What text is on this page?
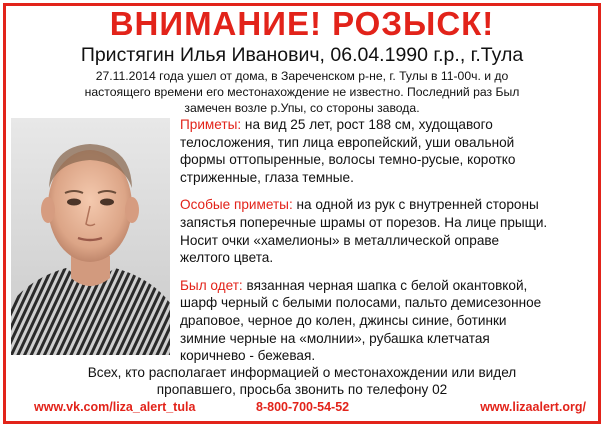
ВНИМАНИЕ! РОЗЫСК!
Пристягин Илья Иванович, 06.04.1990 г.р., г.Тула
27.11.2014 года ушел от дома, в Зареченском р-не, г. Тулы в 11-00ч. и до
настоящего времени его местонахождение не известно. Последний раз Был
замечен возле р.Упы, со стороны завода.
Приметы: на вид 25 лет, рост 188 см, худощавого
телосложения, тип лица европейский, уши овальной
формы оттопыренные, волосы темно-русые, коротко
стриженные, глаза темные.
Особые приметы: на одной из рук с внутренней стороны
запястья поперечные шрамы от порезов. На лице прыщи.
Носит очки «хамелионы» в металлической оправе
желтого цвета.
Был одет: вязанная черная шапка с белой окантовкой,
шарф черный с белыми полосами, пальто демисезонное
драповое, черное до колен, джинсы синие, ботинки
зимние черные на «молнии», рубашка клетчатая
коричнево - бежевая.
Всех, кто располагает информацией о местонахождении или видел
пропавшего, просьба звонить по телефону 02
www.vk.com/liza_alert_tula	8-800-700-54-52	www.lizaalert.org/
